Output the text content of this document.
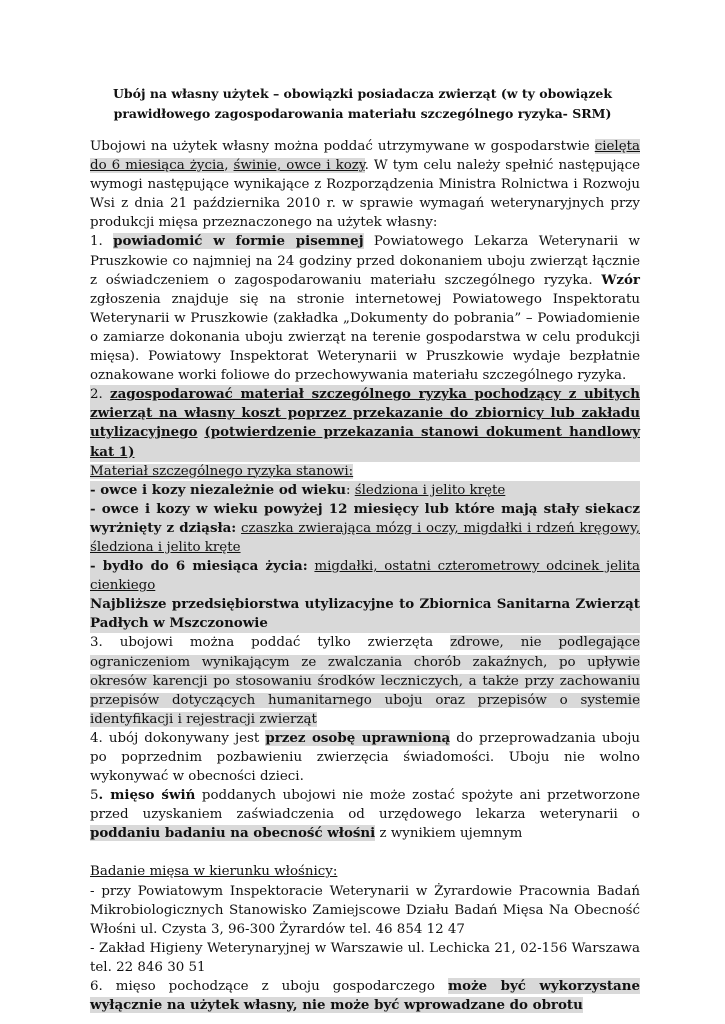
Ubój na własny użytek – obowiązki posiadacza zwierząt (w ty obowiązek
prawidłowego zagospodarowania materiału szczególnego ryzyka- SRM)

Ubojowi na użytek własny można poddać utrzymywane w gospodarstwie cielęta do 6 miesiąca życia, świnie, owce i kozy. W tym celu należy spełnić następujące wymogi następujące wynikające z Rozporządzenia Ministra Rolnictwa i Rozwoju Wsi z dnia 21 października 2010 r. w sprawie wymagań weterynaryjnych przy produkcji mięsa przeznaczonego na użytek własny:

1. powiadomić w formie pisemnej Powiatowego Lekarza Weterynarii w Pruszkowie co najmniej na 24 godziny przed dokonaniem uboju zwierząt łącznie z oświadczeniem o zagospodarowaniu materiału szczególnego ryzyka. Wzór zgłoszenia znajduje się na stronie internetowej Powiatowego Inspektoratu Weterynarii w Pruszkowie (zakładka „Dokumenty do pobrania” – Powiadomienie o zamiarze dokonania uboju zwierząt na terenie gospodarstwa w celu produkcji mięsa). Powiatowy Inspektorat Weterynarii w Pruszkowie wydaje bezpłatnie oznakowane worki foliowe do przechowywania materiału szczególnego ryzyka.

2. zagospodarować materiał szczególnego ryzyka pochodzący z ubitych zwierząt na własny koszt poprzez przekazanie do zbiornicy lub zakładu utylizacyjnego (potwierdzenie przekazania stanowi dokument handlowy kat 1)

Materiał szczególnego ryzyka stanowi:

- owce i kozy niezależnie od wieku: śledziona i jelito kręte

- owce i kozy w wieku powyżej 12 miesięcy lub które mają stały siekacz wyrżnięty z dziąsła: czaszka zwierająca mózg i oczy, migdałki i rdzeń kręgowy, śledziona i jelito kręte

- bydło do 6 miesiąca życia: migdałki, ostatni czterometrowy odcinek jelita cienkiego

Najbliższe przedsiębiorstwa utylizacyjne to Zbiornica Sanitarna Zwierząt Padłych w Mszczonowie

3. ubojowi można poddać tylko zwierzęta zdrowe, nie podlegające ograniczeniom wynikającym ze zwalczania chorób zakaźnych, po upływie okresów karencji po stosowaniu środków leczniczych, a także przy zachowaniu przepisów dotyczących humanitarnego uboju oraz przepisów o systemie identyfikacji i rejestracji zwierząt

4. ubój dokonywany jest przez osobę uprawnioną do przeprowadzania uboju po poprzednim pozbawieniu zwierzęcia świadomości. Uboju nie wolno wykonywać w obecności dzieci.

5. mięso świń poddanych ubojowi nie może zostać spożyte ani przetworzone przed uzyskaniem zaświadczenia od urzędowego lekarza weterynarii o poddaniu badaniu na obecność włośni z wynikiem ujemnym

Badanie mięsa w kierunku włośnicy:

- przy Powiatowym Inspektoracie Weterynarii w Żyrardowie Pracownia Badań Mikrobiologicznych Stanowisko Zamiejscowe Działu Badań Mięsa Na Obecność Włośni ul. Czysta 3, 96-300 Żyrardów tel. 46 854 12 47

- Zakład Higieny Weterynaryjnej w Warszawie ul. Lechicka 21, 02-156 Warszawa tel. 22 846 30 51

6. mięso pochodzące z uboju gospodarczego może być wykorzystane wyłącznie na użytek własny, nie może być wprowadzane do obrotu
